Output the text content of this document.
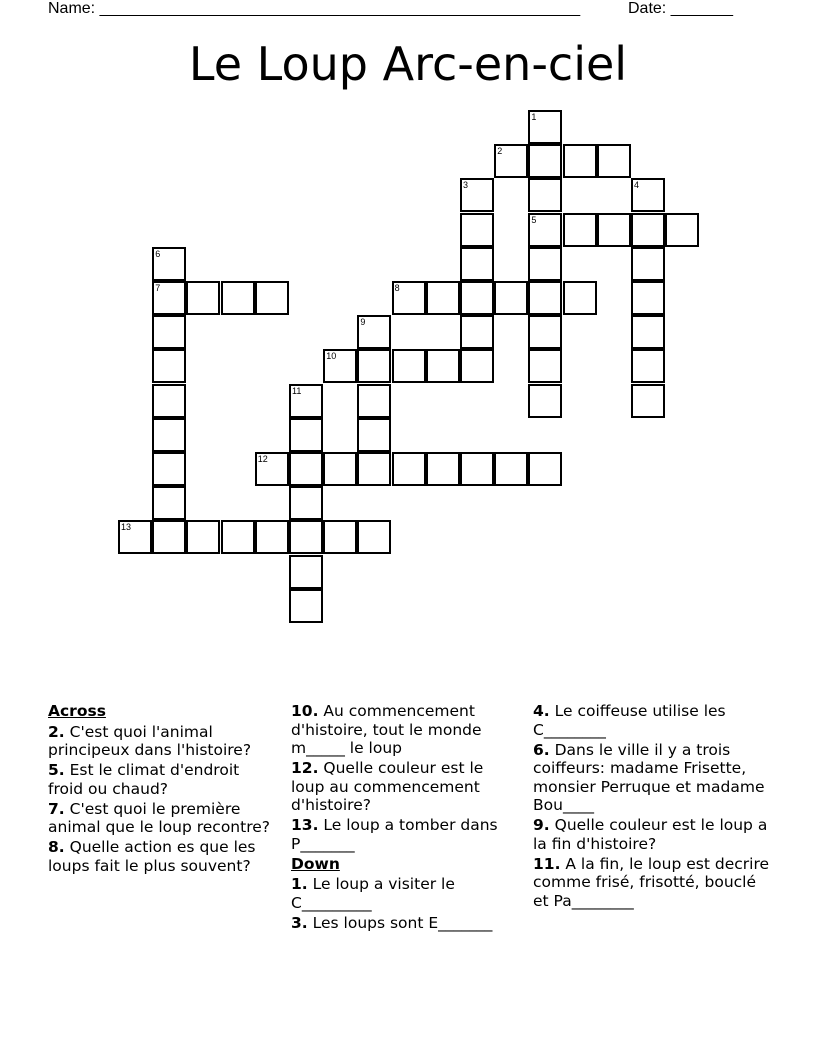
Name: ______________________________________________________	Date: _______
Le Loup Arc-en-ciel
1
5
2
3	4
6
7	8
9
10
11
12
13
Across
2. C'est quoi l'animal principeux dans l'histoire?
5. Est le climat d'endroit froid ou chaud?
7. C'est quoi le première animal que le loup recontre?
8. Quelle action es que les loups fait le plus souvent?
10. Au commencement d'histoire, tout le monde m_____ le loup
12. Quelle couleur est le loup au commencement d'histoire?
13. Le loup a tomber dans P_______
Down
1. Le loup a visiter le C_________
3. Les loups sont E_______
4. Le coiffeuse utilise les C________
6. Dans le ville il y a trois coiffeurs: madame Frisette, monsier Perruque et madame Bou____
9. Quelle couleur est le loup a la fin d'histoire?
11. A la fin, le loup est decrire comme frisé, frisotté, bouclé et Pa________
